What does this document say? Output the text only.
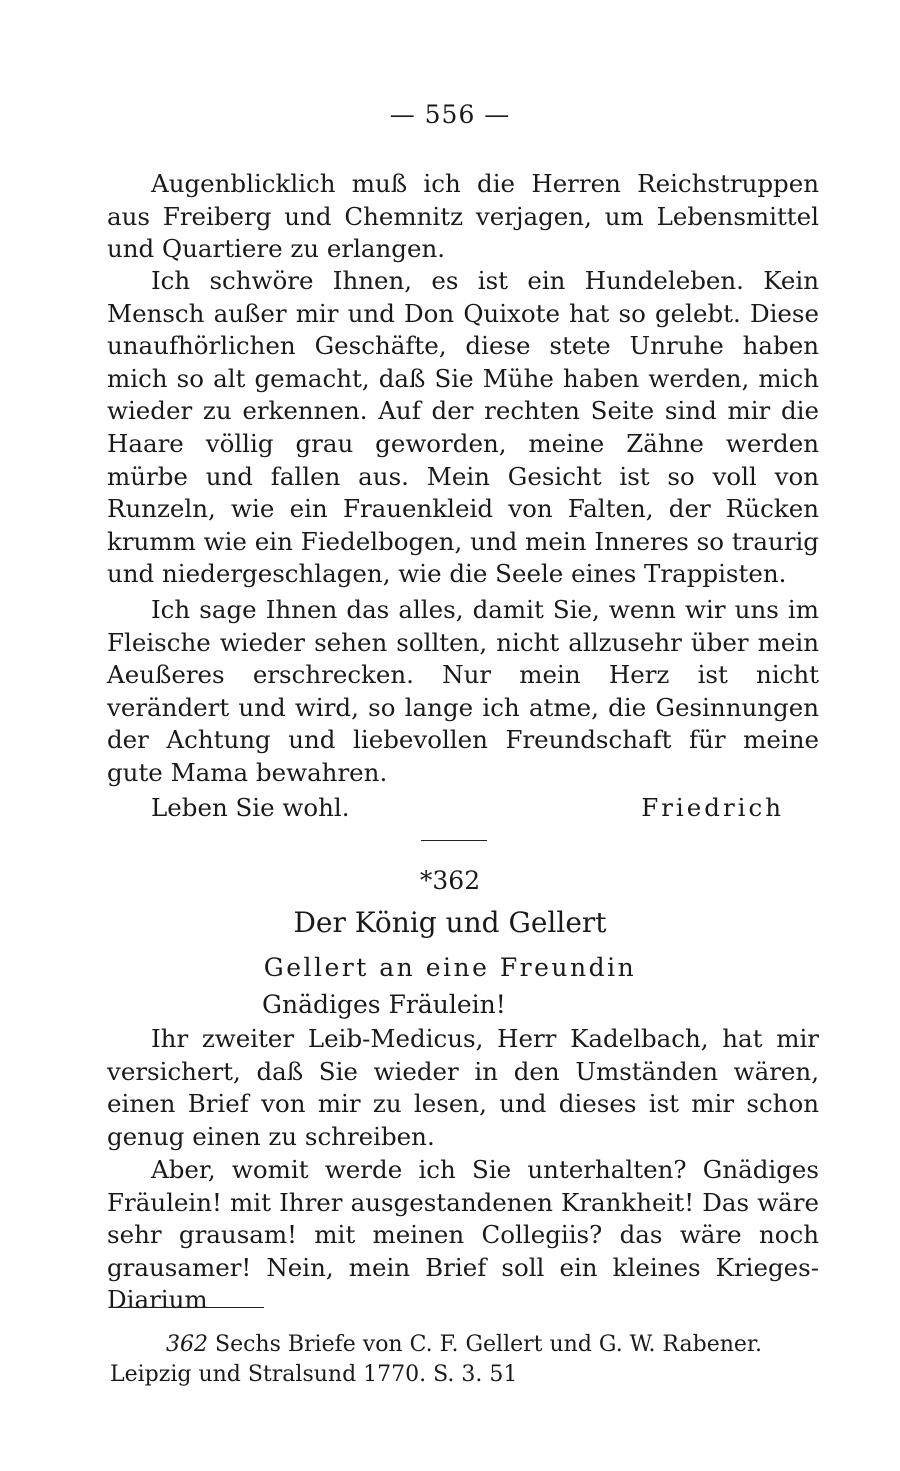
— 556 —

Augenblicklich muß ich die Herren Reichstruppen aus Freiberg und Chemnitz verjagen, um Lebensmittel und Quartiere zu erlangen.

Ich schwöre Ihnen, es ist ein Hundeleben. Kein Mensch außer mir und Don Quixote hat so gelebt. Diese unaufhörlichen Geschäfte, diese stete Unruhe haben mich so alt gemacht, daß Sie Mühe haben werden, mich wieder zu erkennen. Auf der rechten Seite sind mir die Haare völlig grau geworden, meine Zähne werden mürbe und fallen aus. Mein Gesicht ist so voll von Runzeln, wie ein Frauenkleid von Falten, der Rücken krumm wie ein Fiedelbogen, und mein Inneres so traurig und niedergeschlagen, wie die Seele eines Trappisten.

Ich sage Ihnen das alles, damit Sie, wenn wir uns im Fleische wieder sehen sollten, nicht allzusehr über mein Aeußeres erschrecken. Nur mein Herz ist nicht verändert und wird, so lange ich atme, die Gesinnungen der Achtung und liebevollen Freundschaft für meine gute Mama bewahren.

Leben Sie wohl.	Friedrich
*362
Der König und Gellert
Gellert an eine Freundin
Gnädiges Fräulein!

Ihr zweiter Leib-Medicus, Herr Kadelbach, hat mir versichert, daß Sie wieder in den Umständen wären, einen Brief von mir zu lesen, und dieses ist mir schon genug einen zu schreiben.

Aber, womit werde ich Sie unterhalten? Gnädiges Fräulein! mit Ihrer ausgestandenen Krankheit! Das wäre sehr grausam! mit meinen Collegiis? das wäre noch grausamer! Nein, mein Brief soll ein kleines Krieges-Diarium

362 Sechs Briefe von C. F. Gellert und G. W. Rabener.

Leipzig und Stralsund 1770. S. 3. 51
